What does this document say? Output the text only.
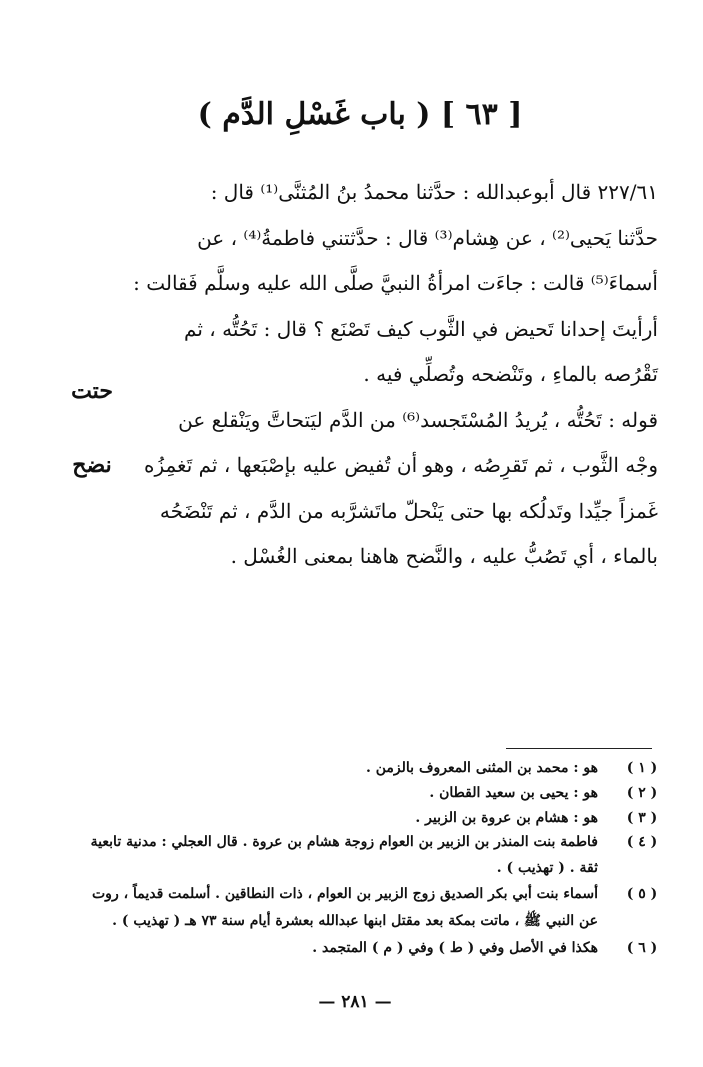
[ ٦٣ ] ( باب غَسْلِ الدَّم )

٢٢٧/٦١ قال أبوعبدالله : حدَّثنا محمدُ بنُ المُثنَّى⁽¹⁾ قال :

حدَّثنا يَحيى⁽²⁾ ، عن هِشام⁽³⁾ قال : حدَّثتني فاطمةُ⁽⁴⁾ ، عن

أسماءَ⁽⁵⁾ قالت : جاءَت امرأةُ النبيَّ صلَّى الله عليه وسلَّم فَقالت :

أرأيتَ إحدانا تَحيض في الثَّوب كيف تَصْنَع ؟ قال : تَحُتُّه ، ثم

تَقْرُصه بالماءِ ، وتَنْضحه وتُصلِّي فيه .

قوله : تَحُتُّه ، يُريدُ المُسْتَجسد⁽⁶⁾ من الدَّم ليَتحاتَّ ويَنْقلع عن

وجْه الثَّوب ، ثم تَقرِصُه ، وهو أن تُفيض عليه بإصْبَعها ، ثم تَغمِزُه

غَمزاً جيِّدا وتَدلُكه بها حتى يَنْحلّ ماتَشرَّبه من الدَّم ، ثم تَنْضَحُه

بالماء ، أي تَصُبُّ عليه ، والنَّضح هاهنا بمعنى الغُسْل .

حتت
نضح
( ١ )
هو : محمد بن المثنى المعروف بالزمن .
( ٢ )
هو : يحيى بن سعيد القطان .
( ٣ )
هو : هشام بن عروة بن الزبير .
( ٤ )
فاطمة بنت المنذر بن الزبير بن العوام زوجة هشام بن عروة . قال العجلي : مدنية تابعية
ثقة . ( تهذيب ) .
( ٥ )
أسماء بنت أبي بكر الصديق زوج الزبير بن العوام ، ذات النطاقين . أسلمت قديماً ، روت
عن النبي ﷺ ، ماتت بمكة بعد مقتل ابنها عبدالله بعشرة أيام سنة ٧٣ هـ ( تهذيب ) .
( ٦ )
هكذا في الأصل وفي ( ط ) وفي ( م ) المتجمد .
— ٢٨١ —
